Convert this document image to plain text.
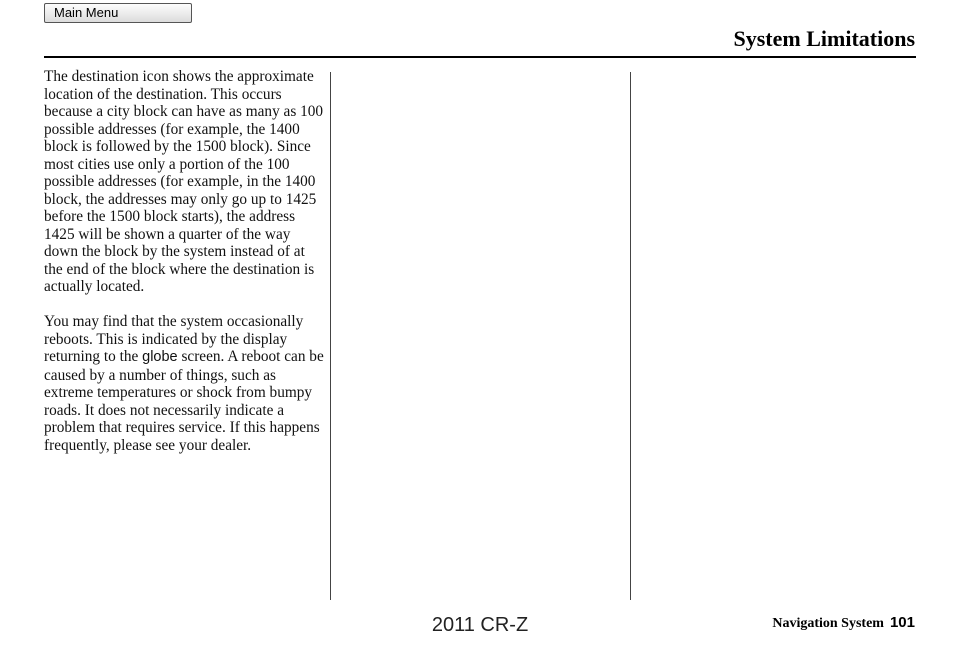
Main Menu
System Limitations

The destination icon shows the approximate location of the destination. This occurs because a city block can have as many as 100 possible addresses (for example, the 1400 block is followed by the 1500 block). Since most cities use only a portion of the 100 possible addresses (for example, in the 1400 block, the addresses may only go up to 1425 before the 1500 block starts), the address 1425 will be shown a quarter of the way down the block by the system instead of at the end of the block where the destination is actually located.

You may find that the system occasionally reboots. This is indicated by the display returning to the globe screen. A reboot can be caused by a number of things, such as extreme temperatures or shock from bumpy roads. It does not necessarily indicate a problem that requires service. If this happens frequently, please see your dealer.

2011 CR-Z	Navigation System 101
